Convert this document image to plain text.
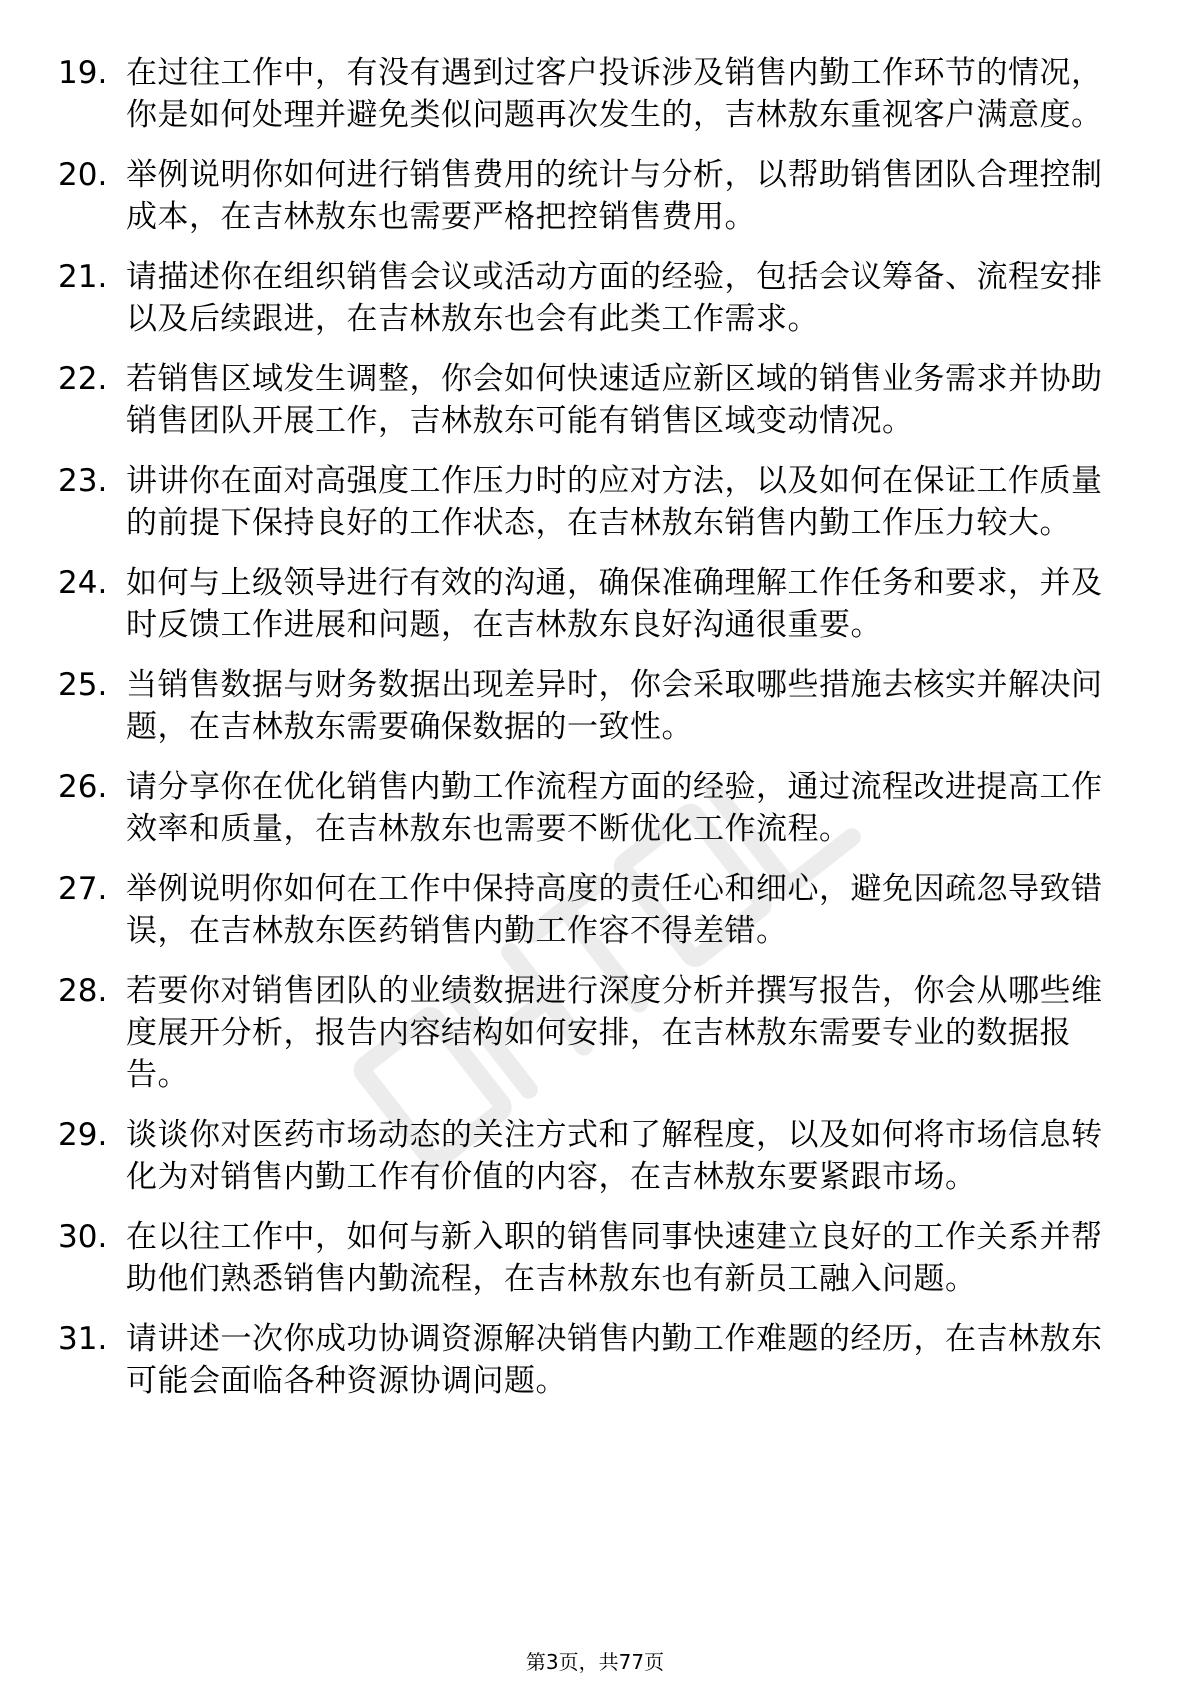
19. 在过往工作中，有没有遇到过客户投诉涉及销售内勤工作环节的情况，你是如何处理并避免类似问题再次发生的，吉林敖东重视客户满意度。
20. 举例说明你如何进行销售费用的统计与分析，以帮助销售团队合理控制成本，在吉林敖东也需要严格把控销售费用。
21. 请描述你在组织销售会议或活动方面的经验，包括会议筹备、流程安排以及后续跟进，在吉林敖东也会有此类工作需求。
22. 若销售区域发生调整，你会如何快速适应新区域的销售业务需求并协助销售团队开展工作，吉林敖东可能有销售区域变动情况。
23. 讲讲你在面对高强度工作压力时的应对方法，以及如何在保证工作质量的前提下保持良好的工作状态，在吉林敖东销售内勤工作压力较大。
24. 如何与上级领导进行有效的沟通，确保准确理解工作任务和要求，并及时反馈工作进展和问题，在吉林敖东良好沟通很重要。
25. 当销售数据与财务数据出现差异时，你会采取哪些措施去核实并解决问题，在吉林敖东需要确保数据的一致性。
26. 请分享你在优化销售内勤工作流程方面的经验，通过流程改进提高工作效率和质量，在吉林敖东也需要不断优化工作流程。
27. 举例说明你如何在工作中保持高度的责任心和细心，避免因疏忽导致错误，在吉林敖东医药销售内勤工作容不得差错。
28. 若要你对销售团队的业绩数据进行深度分析并撰写报告，你会从哪些维度展开分析，报告内容结构如何安排，在吉林敖东需要专业的数据报告。
29. 谈谈你对医药市场动态的关注方式和了解程度，以及如何将市场信息转化为对销售内勤工作有价值的内容，在吉林敖东要紧跟市场。
30. 在以往工作中，如何与新入职的销售同事快速建立良好的工作关系并帮助他们熟悉销售内勤流程，在吉林敖东也有新员工融入问题。
31. 请讲述一次你成功协调资源解决销售内勤工作难题的经历，在吉林敖东可能会面临各种资源协调问题。
第3页，共77页
